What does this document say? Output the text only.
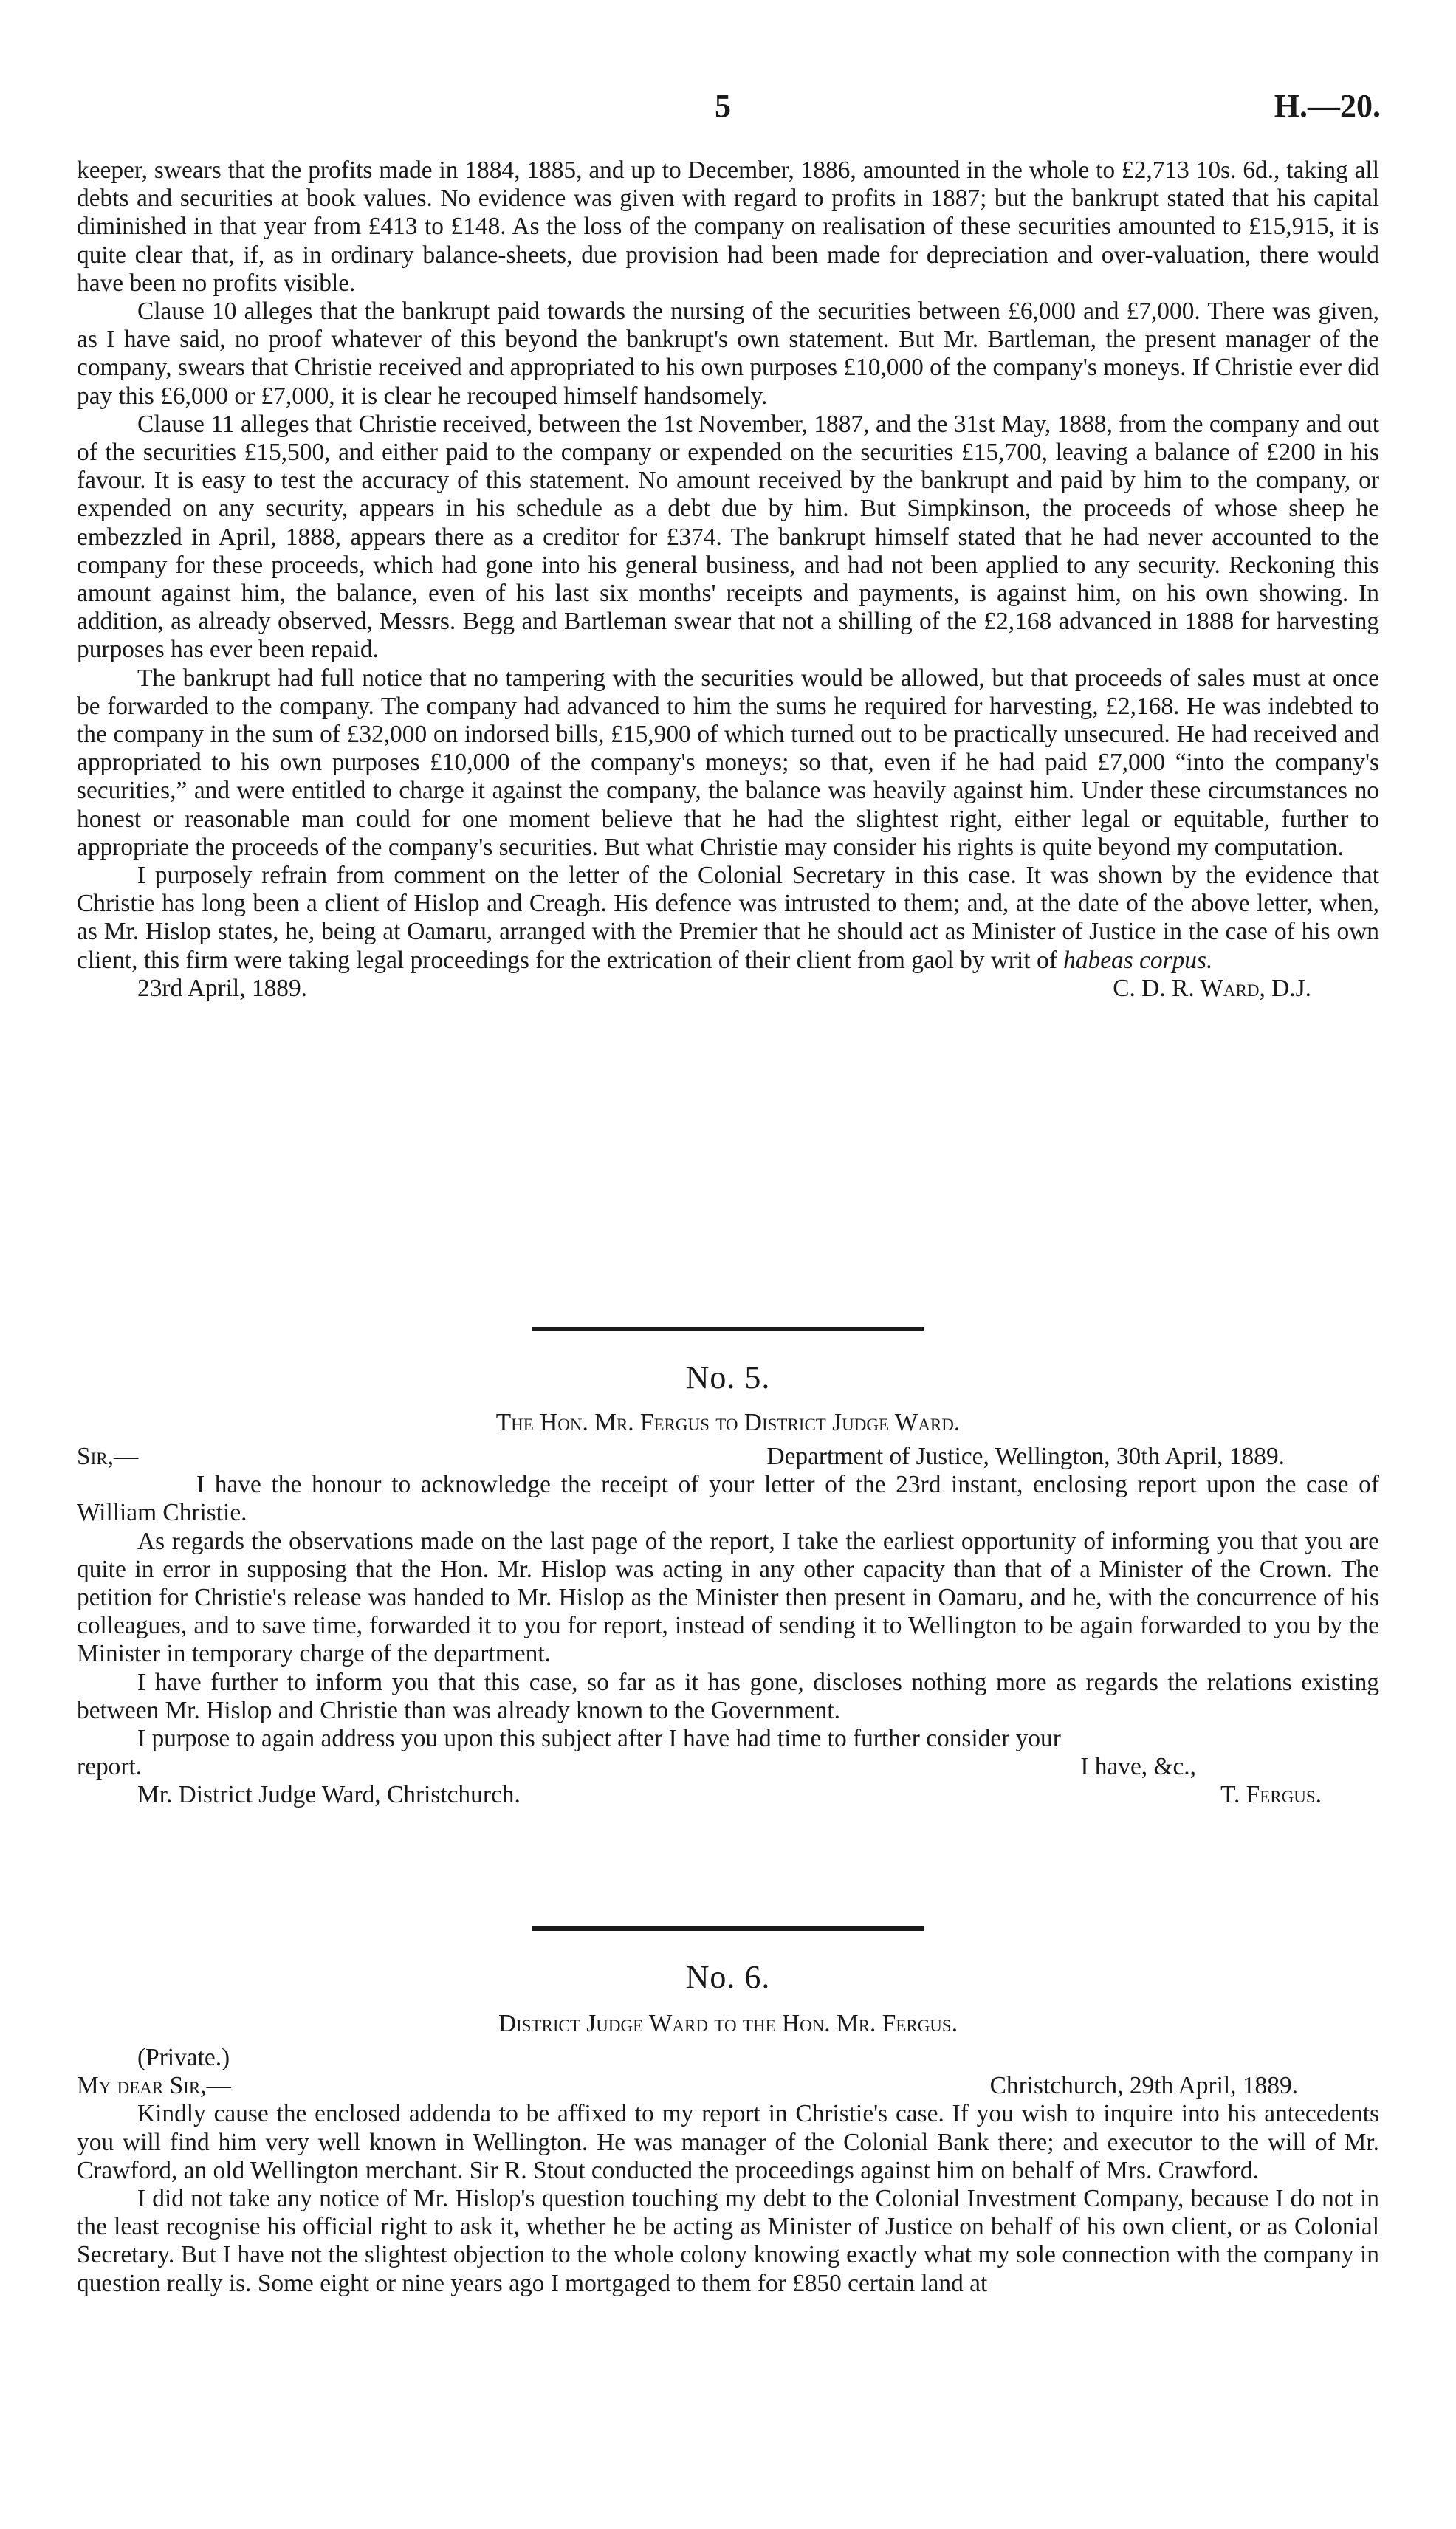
5	H.—20.

keeper, swears that the profits made in 1884, 1885, and up to December, 1886, amounted in the whole to £2,713 10s. 6d., taking all debts and securities at book values. No evidence was given with regard to profits in 1887; but the bankrupt stated that his capital diminished in that year from £413 to £148. As the loss of the company on realisation of these securities amounted to £15,915, it is quite clear that, if, as in ordinary balance-sheets, due provision had been made for depreciation and over-valuation, there would have been no profits visible.

Clause 10 alleges that the bankrupt paid towards the nursing of the securities between £6,000 and £7,000. There was given, as I have said, no proof whatever of this beyond the bankrupt's own statement. But Mr. Bartleman, the present manager of the company, swears that Christie received and appropriated to his own purposes £10,000 of the company's moneys. If Christie ever did pay this £6,000 or £7,000, it is clear he recouped himself handsomely.

Clause 11 alleges that Christie received, between the 1st November, 1887, and the 31st May, 1888, from the company and out of the securities £15,500, and either paid to the company or expended on the securities £15,700, leaving a balance of £200 in his favour. It is easy to test the accuracy of this statement. No amount received by the bankrupt and paid by him to the company, or expended on any security, appears in his schedule as a debt due by him. But Simpkinson, the proceeds of whose sheep he embezzled in April, 1888, appears there as a creditor for £374. The bankrupt himself stated that he had never accounted to the company for these proceeds, which had gone into his general business, and had not been applied to any security. Reckoning this amount against him, the balance, even of his last six months' receipts and payments, is against him, on his own showing. In addition, as already observed, Messrs. Begg and Bartleman swear that not a shilling of the £2,168 advanced in 1888 for harvesting purposes has ever been repaid.

The bankrupt had full notice that no tampering with the securities would be allowed, but that proceeds of sales must at once be forwarded to the company. The company had advanced to him the sums he required for harvesting, £2,168. He was indebted to the company in the sum of £32,000 on indorsed bills, £15,900 of which turned out to be practically unsecured. He had received and appropriated to his own purposes £10,000 of the company's moneys; so that, even if he had paid £7,000 “into the company's securities,” and were entitled to charge it against the company, the balance was heavily against him. Under these circumstances no honest or reasonable man could for one moment believe that he had the slightest right, either legal or equitable, further to appropriate the proceeds of the company's securities. But what Christie may consider his rights is quite beyond my computation.

I purposely refrain from comment on the letter of the Colonial Secretary in this case. It was shown by the evidence that Christie has long been a client of Hislop and Creagh. His defence was intrusted to them; and, at the date of the above letter, when, as Mr. Hislop states, he, being at Oamaru, arranged with the Premier that he should act as Minister of Justice in the case of his own client, this firm were taking legal proceedings for the extrication of their client from gaol by writ of habeas corpus.

23rd April, 1889.	C. D. R. Ward, D.J.
No. 5.
The Hon. Mr. Fergus to District Judge Ward.
Sir,—	Department of Justice, Wellington, 30th April, 1889.

I have the honour to acknowledge the receipt of your letter of the 23rd instant, enclosing report upon the case of William Christie.

As regards the observations made on the last page of the report, I take the earliest opportunity of informing you that you are quite in error in supposing that the Hon. Mr. Hislop was acting in any other capacity than that of a Minister of the Crown. The petition for Christie's release was handed to Mr. Hislop as the Minister then present in Oamaru, and he, with the concurrence of his colleagues, and to save time, forwarded it to you for report, instead of sending it to Wellington to be again forwarded to you by the Minister in temporary charge of the department.

I have further to inform you that this case, so far as it has gone, discloses nothing more as regards the relations existing between Mr. Hislop and Christie than was already known to the Government.

I purpose to again address you upon this subject after I have had time to further consider your

report.	I have, &c.,
Mr. District Judge Ward, Christchurch.	T. Fergus.
No. 6.
District Judge Ward to the Hon. Mr. Fergus.
(Private.)
My dear Sir,—	Christchurch, 29th April, 1889.

Kindly cause the enclosed addenda to be affixed to my report in Christie's case. If you wish to inquire into his antecedents you will find him very well known in Wellington. He was manager of the Colonial Bank there; and executor to the will of Mr. Crawford, an old Wellington merchant. Sir R. Stout conducted the proceedings against him on behalf of Mrs. Crawford.

I did not take any notice of Mr. Hislop's question touching my debt to the Colonial Investment Company, because I do not in the least recognise his official right to ask it, whether he be acting as Minister of Justice on behalf of his own client, or as Colonial Secretary. But I have not the slightest objection to the whole colony knowing exactly what my sole connection with the company in question really is. Some eight or nine years ago I mortgaged to them for £850 certain land at
